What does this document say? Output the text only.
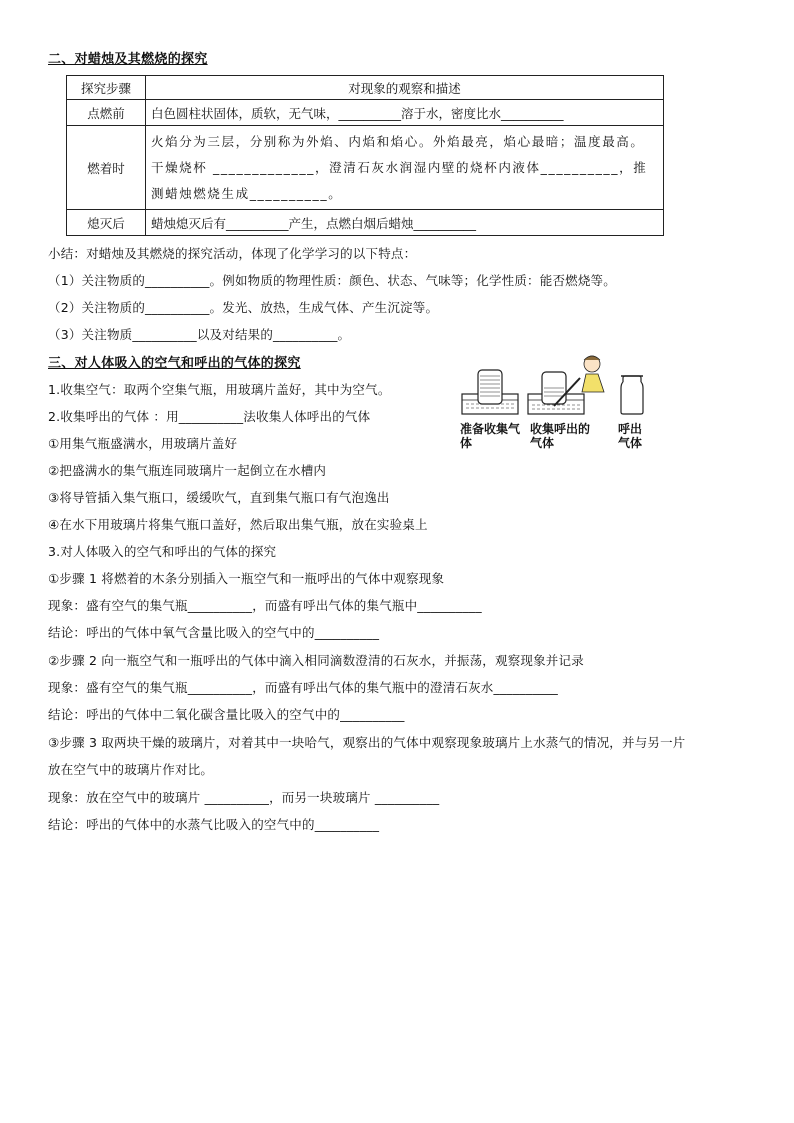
二、对蜡烛及其燃烧的探究
探究步骤	对现象的观察和描述
点燃前	白色圆柱状固体，质软，无气味，__________溶于水，密度比水__________
燃着时	火焰分为三层，分别称为外焰、内焰和焰心。外焰最亮，焰心最暗；温度最高。干燥烧杯 _____________，澄清石灰水润湿内壁的烧杯内液体__________，推测蜡烛燃烧生成__________。
熄灭后	蜡烛熄灭后有__________产生，点燃白烟后蜡烛__________
小结：对蜡烛及其燃烧的探究活动，体现了化学学习的以下特点：
（1）关注物质的__________。例如物质的物理性质：颜色、状态、气味等；化学性质：能否燃烧等。
（2）关注物质的__________。发光、放热，生成气体、产生沉淀等。
（3）关注物质__________以及对结果的__________。
三、对人体吸入的空气和呼出的气体的探究
1.收集空气：取两个空集气瓶，用玻璃片盖好，其中为空气。
2.收集呼出的气体 ：用__________法收集人体呼出的气体
①用集气瓶盛满水，用玻璃片盖好
②把盛满水的集气瓶连同玻璃片一起倒立在水槽内
③将导管插入集气瓶口，缓缓吹气，直到集气瓶口有气泡逸出
④在水下用玻璃片将集气瓶口盖好，然后取出集气瓶，放在实验桌上
3.对人体吸入的空气和呼出的气体的探究
①步骤 1 将燃着的木条分别插入一瓶空气和一瓶呼出的气体中观察现象
现象：盛有空气的集气瓶__________，而盛有呼出气体的集气瓶中__________
结论：呼出的气体中氧气含量比吸入的空气中的__________
②步骤 2 向一瓶空气和一瓶呼出的气体中滴入相同滴数澄清的石灰水，并振荡，观察现象并记录
现象：盛有空气的集气瓶__________，而盛有呼出气体的集气瓶中的澄清石灰水__________
结论：呼出的气体中二氧化碳含量比吸入的空气中的__________
③步骤 3 取两块干燥的玻璃片，对着其中一块哈气，观察出的气体中观察现象玻璃片上水蒸气的情况，并与另一片
放在空气中的玻璃片作对比。
现象：放在空气中的玻璃片 __________，而另一块玻璃片 __________
结论：呼出的气体中的水蒸气比吸入的空气中的__________
准备收集气体
收集呼出的气体
呼出气体
